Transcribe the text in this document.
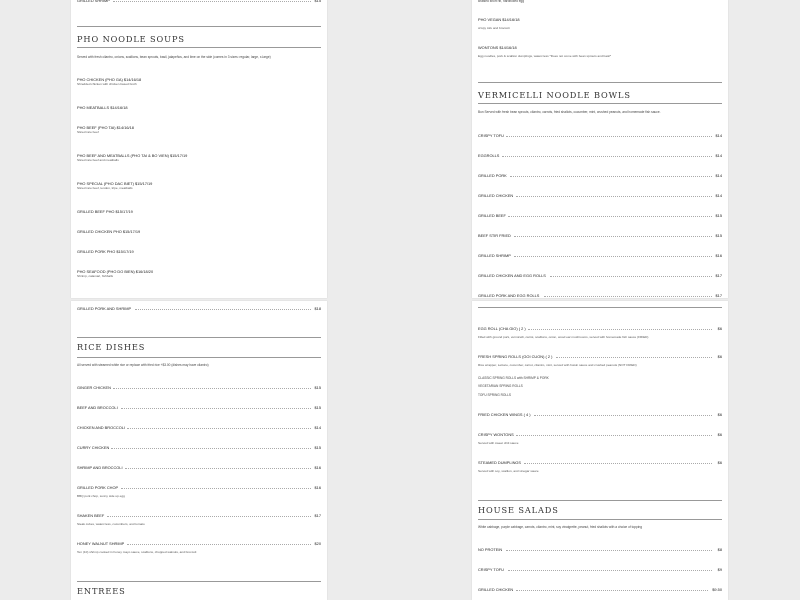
GRILLED SHRIMP	$15
PHO NOODLE SOUPS
Served with fresh cilantro, onions, scallions, bean sprouts, basil, jalapeños, and lime on the side (comes in 3 sizes: regular, large, x-large)
PHO CHICKEN (PHO GA) $14/16/18
Shredded chicken with chicken based broth
PHO MEATBALLS $14/16/18
PHO BEEF (PHO TAI) $14/16/18
Sliced rare beef
PHO BEEF AND MEATBALLS (PHO TAI & BO VIEN) $15/17/19
Sliced rare beef and meatballs
PHO SPECIAL (PHO DAC BIET) $15/17/19
Sliced rare beef, tendon, tripe, meatballs
GRILLED BEEF PHO $15/17/19
GRILLED CHICKEN PHO $15/17/19
GRILLED PORK PHO $15/17/19
PHO SEAFOOD (PHO DO BIEN) $16/18/20
Shrimp, calamari, fishballs
Braised short rib, hardboiled egg
PHO VEGAN $14/16/18
crispy tofu and broccoli
WONTONS $14/16/18
Egg noodles, pork & scallion dumplings, watercress *Does not come with bean sprouts and basil*
VERMICELLI NOODLE BOWLS
Bun Served with fresh bean sprouts, cilantro, carrots, fried shallots, cucumber, mint, crushed peanuts, and homemade fish sauce.
CRISPY TOFU	$14
EGGROLLS	$14
GRILLED PORK	$14
GRILLED CHICKEN	$14
GRILLED BEEF	$15
BEEF STIR FRIED	$15
GRILLED SHRIMP	$16
GRILLED CHICKEN AND EGG ROLLS	$17
GRILLED PORK AND EGG ROLLS	$17
GRILLED PORK AND SHRIMP	$18
RICE DISHES
All served with steamed white rice or replace with fried rice +$3.00 (dishes may have cilantro)
GINGER CHICKEN	$15
BEEF AND BROCCOLI	$15
CHICKEN AND BROCCOLI	$14
CURRY CHICKEN	$15
SHRIMP AND BROCCOLI	$16
GRILLED PORK CHOP	$16
BBQ pork chop, sunny side up egg
SHAKEN BEEF	$17
Steak cubes, watercress, cucumbers, and tomato
HONEY WALNUT SHRIMP	$20
Ten (10) shrimp cooked in honey mayo sauce, scallions, chopped walnuts, and broccoli
ENTREES
EGG ROLL (CHA GIO) ( 2 )	$6
Filled with ground pork, vermicelli, carrot, scallions, onion, wood ear mushrooms, served with homemade fish sauce (FRIED)
FRESH SPRING ROLLS (GOI CUON) ( 2 )	$6
Rice wrapper, Lettuce, cucumber, carrot, cilantro, mint, served with hoisin sauce and crushed peanuts (NOT FRIED)
CLASSIC SPRING ROLLS with SHRIMP & PORK
VEGETARIAN SPRING ROLLS
TOFU SPRING ROLLS
FRIED CHICKEN WINGS ( 4 )	$6
CRISPY WONTONS	$6
Served with sweet chili sauce
STEAMED DUMPLINGS	$6
Served with soy, scallion, and vinegar sauce
HOUSE SALADS
White cabbage, purple cabbage, carrots, cilantro, mint, soy vinaigrette, peanut, fried shallots with a choice of topping
NO PROTEIN	$8
CRISPY TOFU	$9
GRILLED CHICKEN	$9.50
